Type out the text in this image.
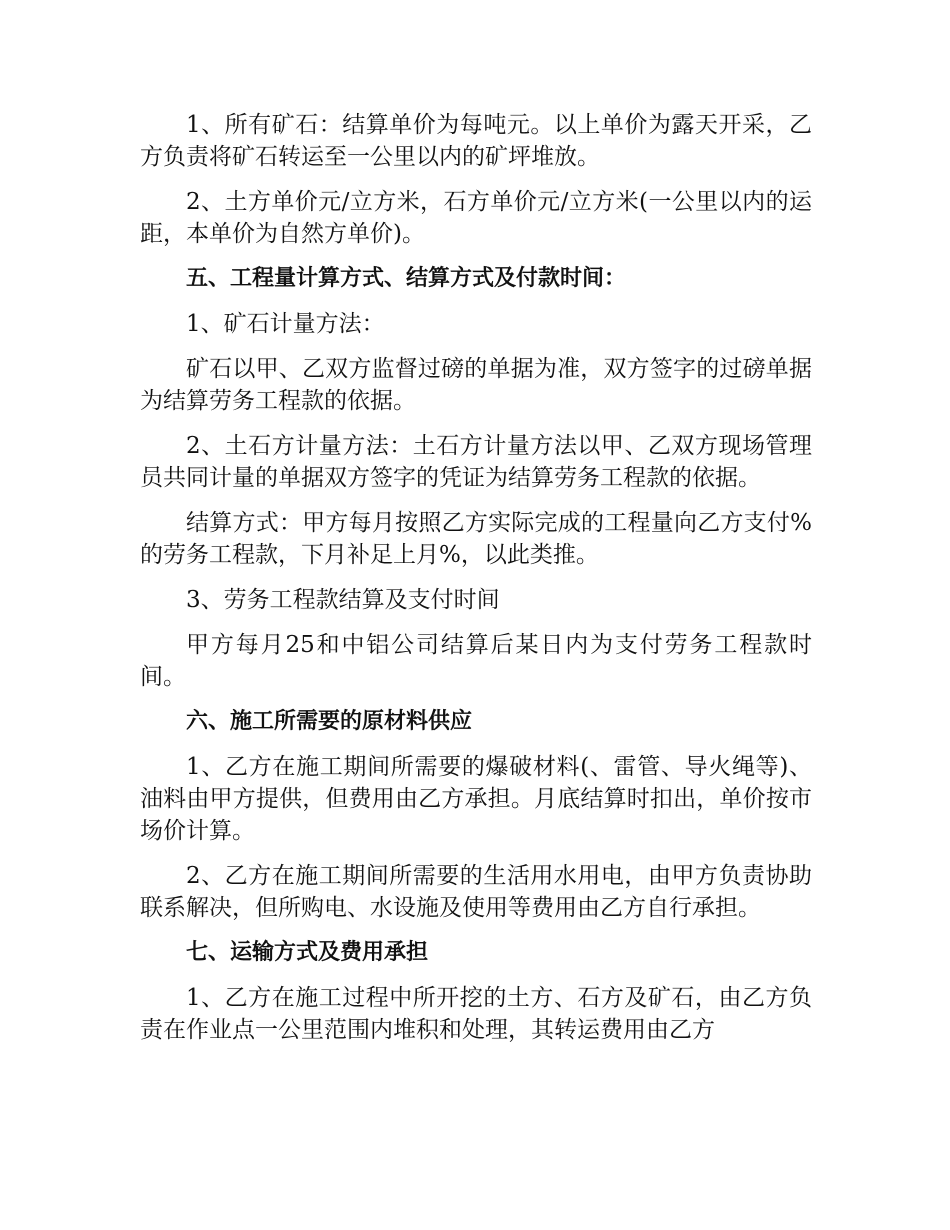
1、所有矿石：结算单价为每吨元。以上单价为露天开采，乙方负责将矿石转运至一公里以内的矿坪堆放。

2、土方单价元/立方米，石方单价元/立方米(一公里以内的运距，本单价为自然方单价)。

五、工程量计算方式、结算方式及付款时间：

1、矿石计量方法：

矿石以甲、乙双方监督过磅的单据为准，双方签字的过磅单据为结算劳务工程款的依据。

2、土石方计量方法：土石方计量方法以甲、乙双方现场管理员共同计量的单据双方签字的凭证为结算劳务工程款的依据。

结算方式：甲方每月按照乙方实际完成的工程量向乙方支付%的劳务工程款，下月补足上月%，以此类推。

3、劳务工程款结算及支付时间

甲方每月25和中铝公司结算后某日内为支付劳务工程款时间。

六、施工所需要的原材料供应

1、乙方在施工期间所需要的爆破材料(、雷管、导火绳等)、油料由甲方提供，但费用由乙方承担。月底结算时扣出，单价按市场价计算。

2、乙方在施工期间所需要的生活用水用电，由甲方负责协助联系解决，但所购电、水设施及使用等费用由乙方自行承担。

七、运输方式及费用承担

1、乙方在施工过程中所开挖的土方、石方及矿石，由乙方负责在作业点一公里范围内堆积和处理，其转运费用由乙方
